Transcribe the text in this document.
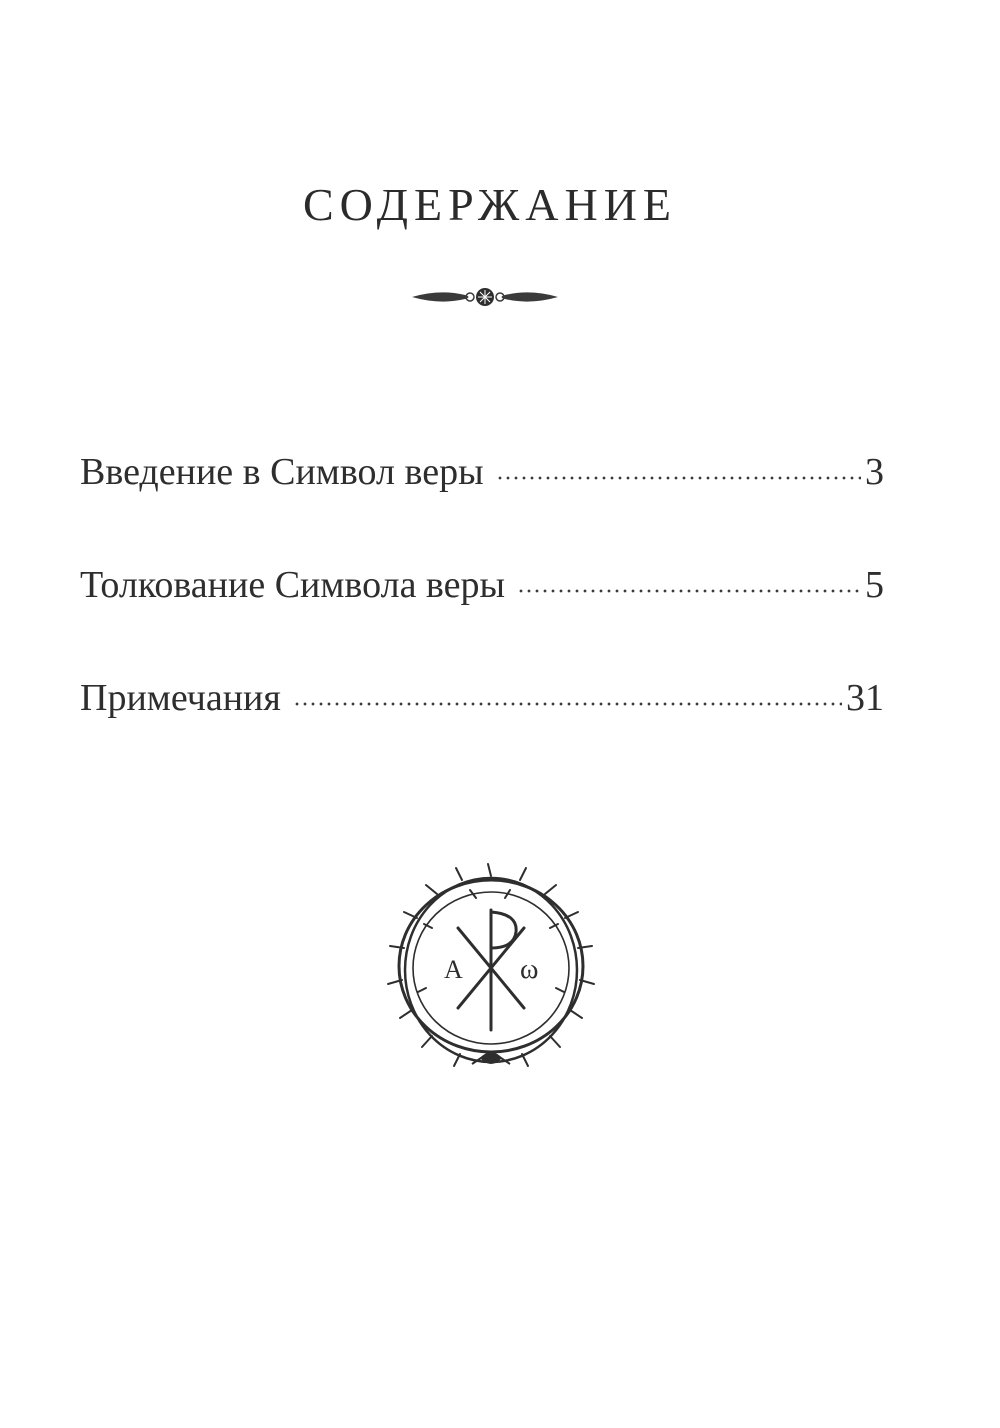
СОДЕРЖАНИЕ
Введение в Символ веры	3
Толкование Символа веры	5
Примечания	31
A ω
